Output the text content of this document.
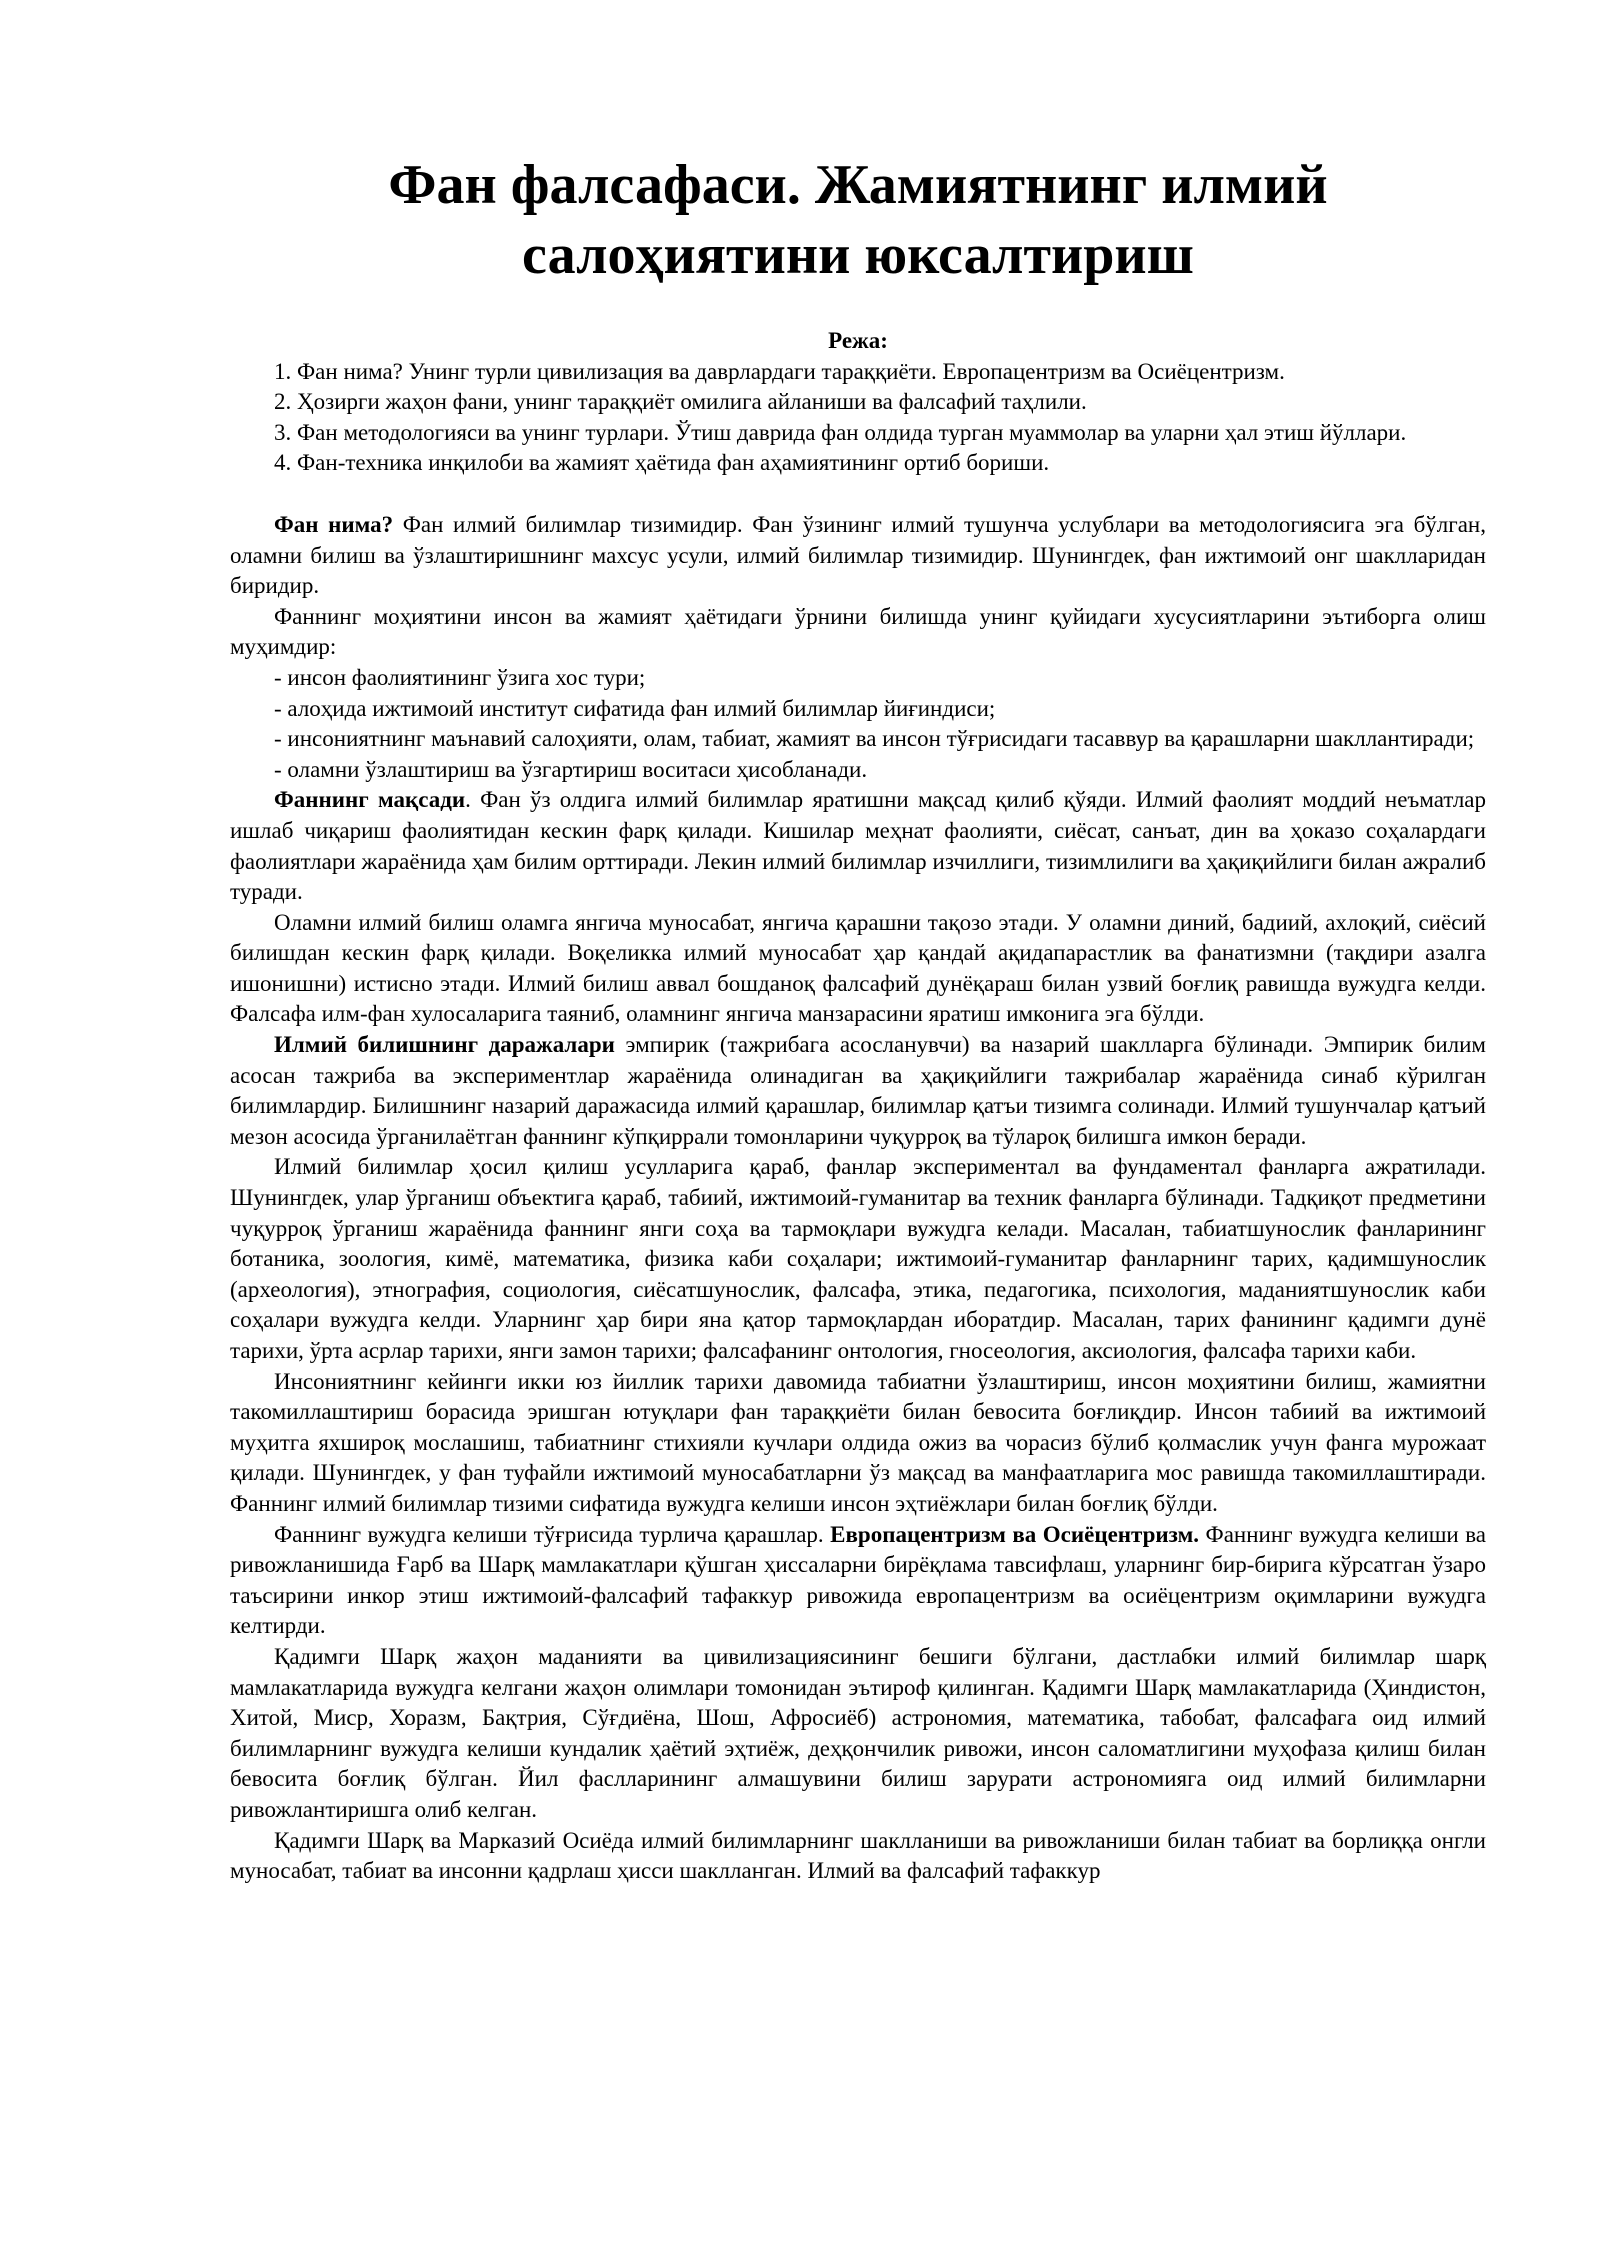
Фан фалсафаси. Жамиятнинг илмий салоҳиятини юксалтириш
Режа:
1. Фан нима? Унинг турли цивилизация ва даврлардаги тараққиёти. Европацентризм ва Осиёцентризм.
2. Ҳозирги жаҳон фани, унинг тараққиёт омилига айланиши ва фалсафий таҳлили.
3. Фан методологияси ва унинг турлари. Ўтиш даврида фан олдида турган муаммолар ва уларни ҳал этиш йўллари.
4. Фан-техника инқилоби ва жамият ҳаётида фан аҳамиятининг ортиб бориши.

Фан нима? Фан илмий билимлар тизимидир. Фан ўзининг илмий тушунча услублари ва методологиясига эга бўлган, оламни билиш ва ўзлаштиришнинг махсус усули, илмий билимлар тизимидир. Шунингдек, фан ижтимоий онг шаклларидан биридир.

Фаннинг моҳиятини инсон ва жамият ҳаётидаги ўрнини билишда унинг қуйидаги хусусиятларини эътиборга олиш муҳимдир:

- инсон фаолиятининг ўзига хос тури;

- алоҳида ижтимоий институт сифатида фан илмий билимлар йиғиндиси;

- инсониятнинг маънавий салоҳияти, олам, табиат, жамият ва инсон тўғрисидаги тасаввур ва қарашларни шакллантиради;

- оламни ўзлаштириш ва ўзгартириш воситаси ҳисобланади.

Фаннинг мақсади. Фан ўз олдига илмий билимлар яратишни мақсад қилиб қўяди. Илмий фаолият моддий неъматлар ишлаб чиқариш фаолиятидан кескин фарқ қилади. Кишилар меҳнат фаолияти, сиёсат, санъат, дин ва ҳоказо соҳалардаги фаолиятлари жараёнида ҳам билим орттиради. Лекин илмий билимлар изчиллиги, тизимлилиги ва ҳақиқийлиги билан ажралиб туради.

Оламни илмий билиш оламга янгича муносабат, янгича қарашни тақозо этади. У оламни диний, бадиий, ахлоқий, сиёсий билишдан кескин фарқ қилади. Воқеликка илмий муносабат ҳар қандай ақидапарастлик ва фанатизмни (тақдири азалга ишонишни) истисно этади. Илмий билиш аввал бошданоқ фалсафий дунёқараш билан узвий боғлиқ равишда вужудга келди. Фалсафа илм-фан хулосаларига таяниб, оламнинг янгича манзарасини яратиш имконига эга бўлди.

Илмий билишнинг даражалари эмпирик (тажрибага асосланувчи) ва назарий шаклларга бўлинади. Эмпирик билим асосан тажриба ва экспериментлар жараёнида олинадиган ва ҳақиқийлиги тажрибалар жараёнида синаб кўрилган билимлардир. Билишнинг назарий даражасида илмий қарашлар, билимлар қатъи тизимга солинади. Илмий тушунчалар қатъий мезон асосида ўрганилаётган фаннинг кўпқиррали томонларини чуқурроқ ва тўлароқ билишга имкон беради.

Илмий билимлар ҳосил қилиш усулларига қараб, фанлар экспериментал ва фундаментал фанларга ажратилади. Шунингдек, улар ўрганиш объектига қараб, табиий, ижтимоий-гуманитар ва техник фанларга бўлинади. Тадқиқот предметини чуқурроқ ўрганиш жараёнида фаннинг янги соҳа ва тармоқлари вужудга келади. Масалан, табиатшунослик фанларининг ботаника, зоология, кимё, математика, физика каби соҳалари; ижтимоий-гуманитар фанларнинг тарих, қадимшунослик (археология), этнография, социология, сиёсатшунослик, фалсафа, этика, педагогика, психология, маданиятшунослик каби соҳалари вужудга келди. Уларнинг ҳар бири яна қатор тармоқлардан иборатдир. Масалан, тарих фанининг қадимги дунё тарихи, ўрта асрлар тарихи, янги замон тарихи; фалсафанинг онтология, гносеология, аксиология, фалсафа тарихи каби.

Инсониятнинг кейинги икки юз йиллик тарихи давомида табиатни ўзлаштириш, инсон моҳиятини билиш, жамиятни такомиллаштириш борасида эришган ютуқлари фан тараққиёти билан бевосита боғлиқдир. Инсон табиий ва ижтимоий муҳитга яхшироқ мослашиш, табиатнинг стихияли кучлари олдида ожиз ва чорасиз бўлиб қолмаслик учун фанга мурожаат қилади. Шунингдек, у фан туфайли ижтимоий муносабатларни ўз мақсад ва манфаатларига мос равишда такомиллаштиради. Фаннинг илмий билимлар тизими сифатида вужудга келиши инсон эҳтиёжлари билан боғлиқ бўлди.

Фаннинг вужудга келиши тўғрисида турлича қарашлар. Европацентризм ва Осиёцентризм. Фаннинг вужудга келиши ва ривожланишида Ғарб ва Шарқ мамлакатлари қўшган ҳиссаларни бирёқлама тавсифлаш, уларнинг бир-бирига кўрсатган ўзаро таъсирини инкор этиш ижтимоий-фалсафий тафаккур ривожида европацентризм ва осиёцентризм оқимларини вужудга келтирди.

Қадимги Шарқ жаҳон маданияти ва цивилизациясининг бешиги бўлгани, дастлабки илмий билимлар шарқ мамлакатларида вужудга келгани жаҳон олимлари томонидан эътироф қилинган. Қадимги Шарқ мамлакатларида (Ҳиндистон, Хитой, Миср, Хоразм, Бақтрия, Сўғдиёна, Шош, Афросиёб) астрономия, математика, табобат, фалсафага оид илмий билимларнинг вужудга келиши кундалик ҳаётий эҳтиёж, деҳқончилик ривожи, инсон саломатлигини муҳофаза қилиш билан бевосита боғлиқ бўлган. Йил фаслларининг алмашувини билиш зарурати астрономияга оид илмий билимларни ривожлантиришга олиб келган.

Қадимги Шарқ ва Марказий Осиёда илмий билимларнинг шаклланиши ва ривожланиши билан табиат ва борлиққа онгли муносабат, табиат ва инсонни қадрлаш ҳисси шаклланган. Илмий ва фалсафий тафаккур
